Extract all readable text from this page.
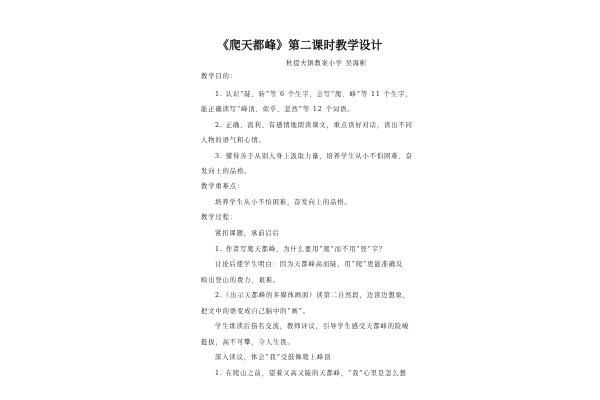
《爬天都峰》第二课时教学设计
秋提夫镇教案小学 吴海彬
教学目的：
1. 认识“陡、转”等 6 个生字，会写“爬、峰”等 11 个生字，
能正确读写“峰顶、似乎、忽然”等 12 个词语。
2. 正确、流利、有感情地朗读课文，重点读好对话，读出不同
人物的语气和心情。
3. 懂得善于从别人身上汲取力量，培养学生从小不怕困难、奋
发向上的品格。
教学重难点：
培养学生从小不怕困难，奋发向上的品格。
教学过程：
紧扣课题，承前启后
1. 作者写爬天都峰，为什么要用“爬”而不用“登”字？
讨论后使学生明白：因为天都峰高而陡，用“爬”更能准确反
映出登山的费力、艰难。
2.（出示天都峰的多媒体画面）读第二自然段，边读边想象，
把文中的语变成自己脑中的“画”。
学生练读后指名交流，教师评议，引导学生感受天都峰的险峻
挺拔，高不可攀，令人生畏。
深入读议，体会“我”受鼓舞爬上峰顶
1. 在爬山之前，望着又高又陡的天都峰，“我”心里是怎么想
